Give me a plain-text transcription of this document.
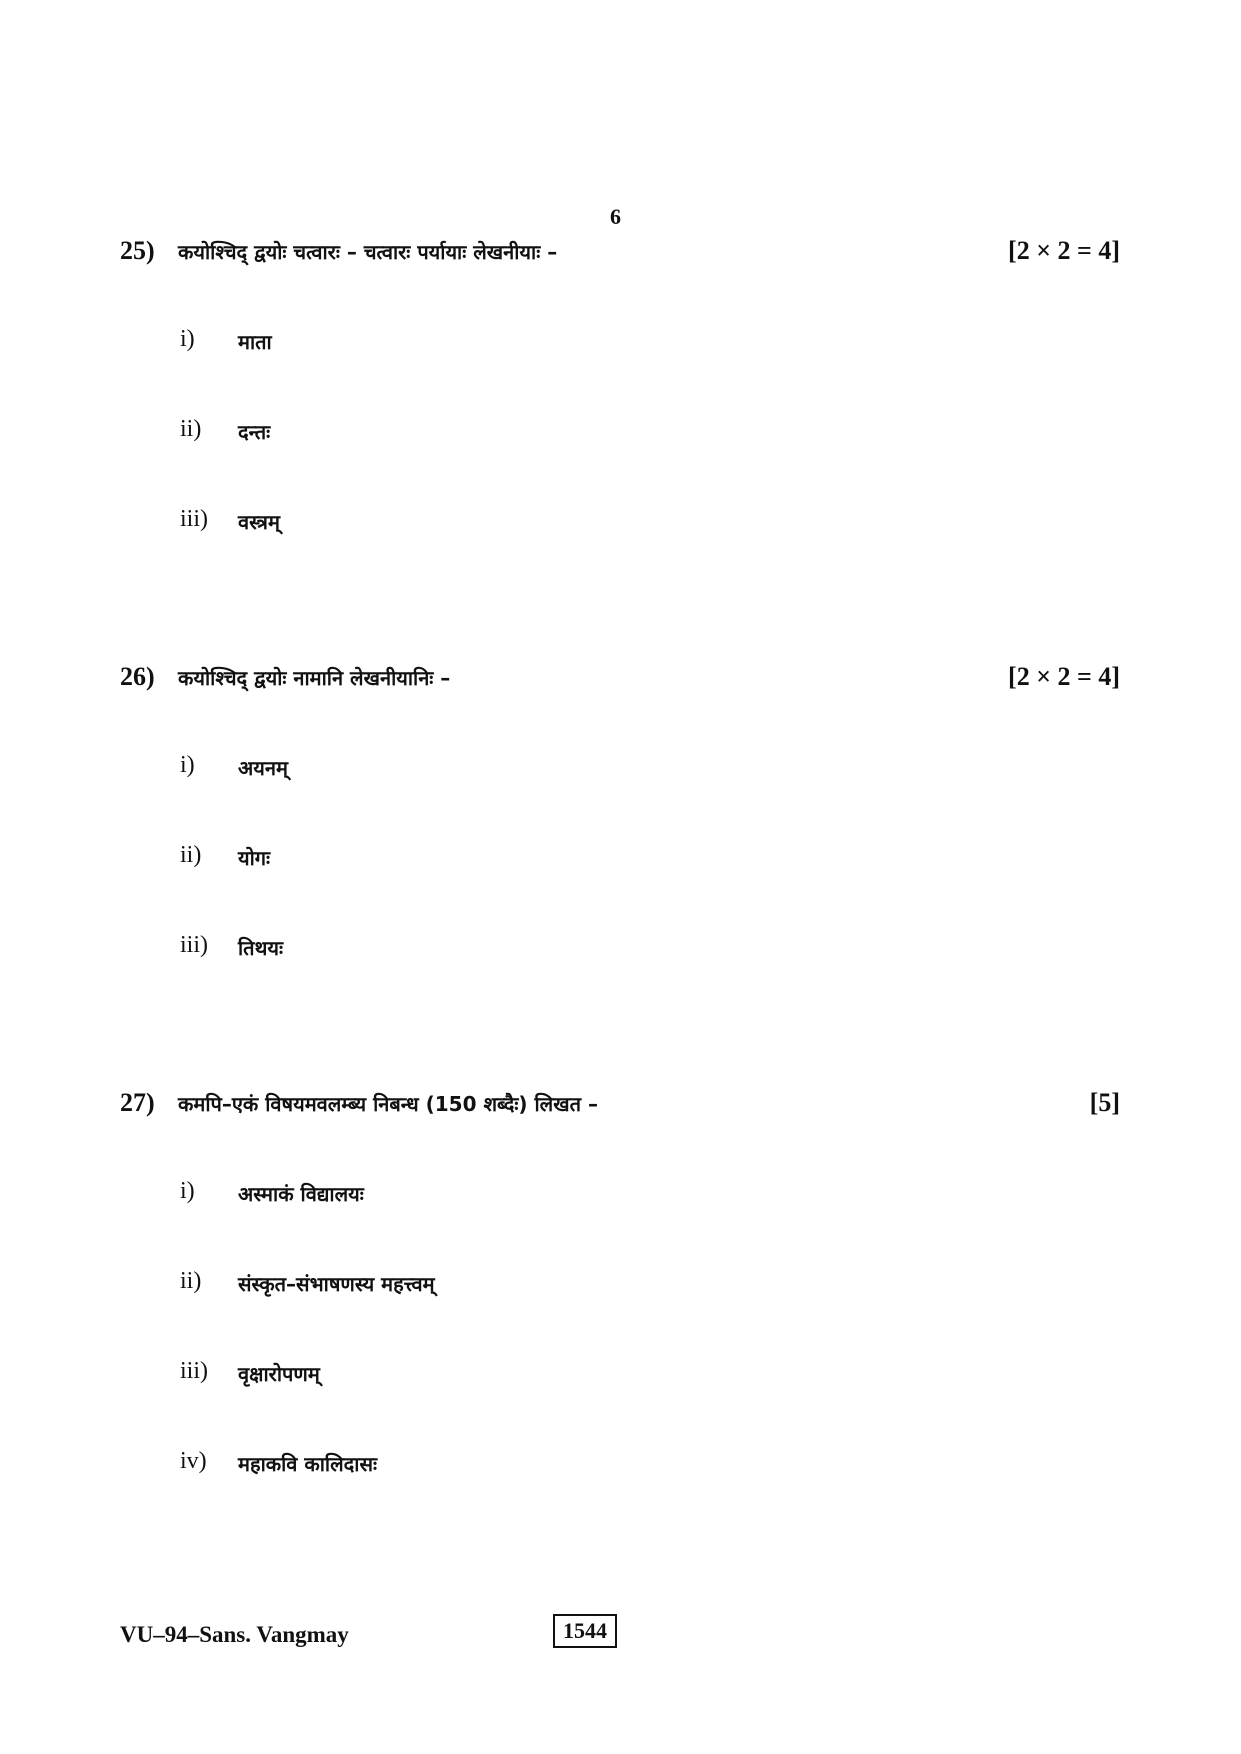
6
25) कयोश्चिद् द्वयोः चत्वारः – चत्वारः पर्यायाः लेखनीयाः –	[2 × 2 = 4]
i) माता
ii) दन्तः
iii) वस्त्रम्
26) कयोश्चिद् द्वयोः नामानि लेखनीयानिः –	[2 × 2 = 4]
i) अयनम्
ii) योगः
iii) तिथयः
27) कमपि–एकं विषयमवलम्ब्य निबन्ध (150 शब्दैः) लिखत –	[5]
i) अस्माकं विद्यालयः
ii) संस्कृत–संभाषणस्य महत्त्वम्
iii) वृक्षारोपणम्
iv) महाकवि कालिदासः
VU–94–Sans. Vangmay	1544
